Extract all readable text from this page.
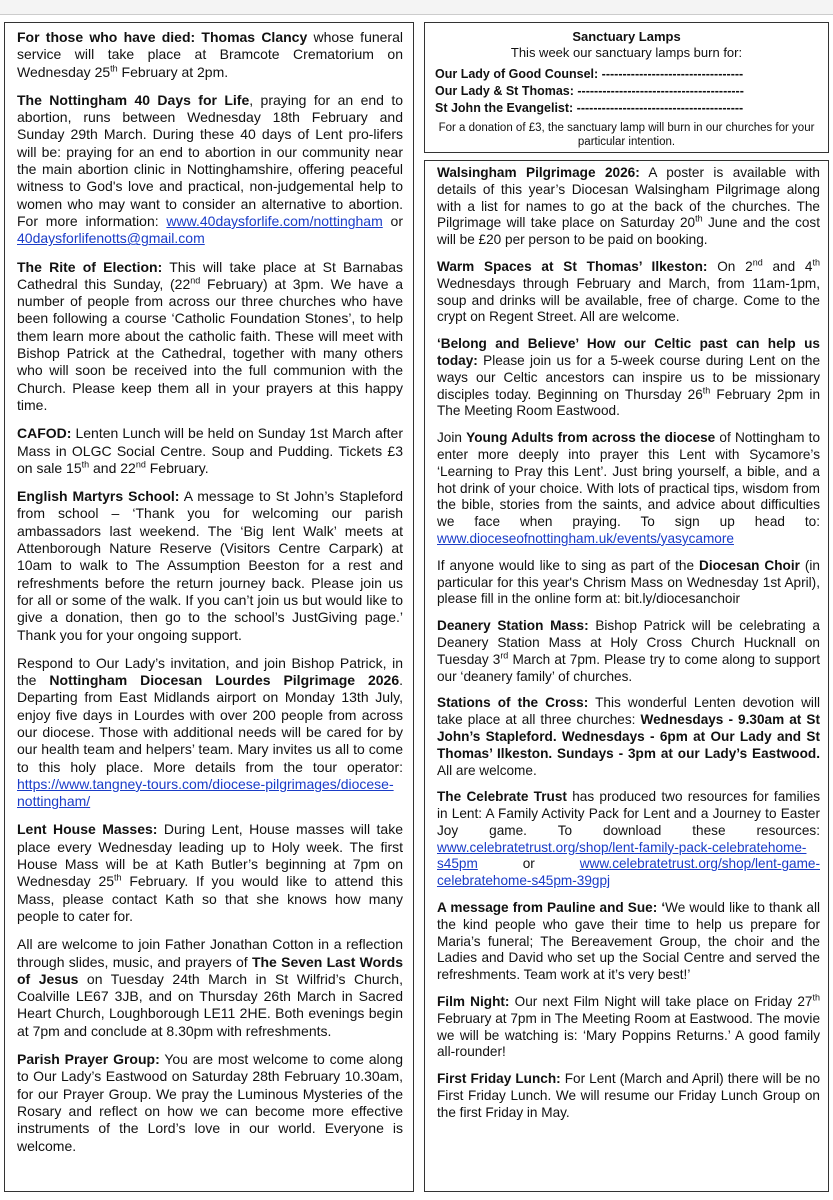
For those who have died: Thomas Clancy whose funeral service will take place at Bramcote Crematorium on Wednesday 25th February at 2pm.

The Nottingham 40 Days for Life, praying for an end to abortion, runs between Wednesday 18th February and Sunday 29th March. During these 40 days of Lent pro-lifers will be: praying for an end to abortion in our community near the main abortion clinic in Nottinghamshire, offering peaceful witness to God's love and practical, non-judgemental help to women who may want to consider an alternative to abortion. For more information: www.40daysforlife.com/nottingham or 40daysforlifenotts@gmail.com

The Rite of Election: This will take place at St Barnabas Cathedral this Sunday, (22nd February) at 3pm. We have a number of people from across our three churches who have been following a course ‘Catholic Foundation Stones’, to help them learn more about the catholic faith. These will meet with Bishop Patrick at the Cathedral, together with many others who will soon be received into the full communion with the Church. Please keep them all in your prayers at this happy time.

CAFOD: Lenten Lunch will be held on Sunday 1st March after Mass in OLGC Social Centre. Soup and Pudding. Tickets £3 on sale 15th and 22nd February.

English Martyrs School: A message to St John’s Stapleford from school – ‘Thank you for welcoming our parish ambassadors last weekend. The ‘Big lent Walk’ meets at Attenborough Nature Reserve (Visitors Centre Carpark) at 10am to walk to The Assumption Beeston for a rest and refreshments before the return journey back. Please join us for all or some of the walk. If you can’t join us but would like to give a donation, then go to the school’s JustGiving page.’ Thank you for your ongoing support.

Respond to Our Lady’s invitation, and join Bishop Patrick, in the Nottingham Diocesan Lourdes Pilgrimage 2026. Departing from East Midlands airport on Monday 13th July, enjoy five days in Lourdes with over 200 people from across our diocese. Those with additional needs will be cared for by our health team and helpers’ team. Mary invites us all to come to this holy place. More details from the tour operator: https://www.tangney-tours.com/diocese-pilgrimages/diocese-nottingham/

Lent House Masses: During Lent, House masses will take place every Wednesday leading up to Holy week. The first House Mass will be at Kath Butler’s beginning at 7pm on Wednesday 25th February. If you would like to attend this Mass, please contact Kath so that she knows how many people to cater for.

All are welcome to join Father Jonathan Cotton in a reflection through slides, music, and prayers of The Seven Last Words of Jesus on Tuesday 24th March in St Wilfrid’s Church, Coalville LE67 3JB, and on Thursday 26th March in Sacred Heart Church, Loughborough LE11 2HE. Both evenings begin at 7pm and conclude at 8.30pm with refreshments.

Parish Prayer Group: You are most welcome to come along to Our Lady’s Eastwood on Saturday 28th February 10.30am, for our Prayer Group. We pray the Luminous Mysteries of the Rosary and reflect on how we can become more effective instruments of the Lord’s love in our world. Everyone is welcome.

Sanctuary Lamps
This week our sanctuary lamps burn for:
Our Lady of Good Counsel: ----------------------------------
Our Lady & St Thomas: ----------------------------------------
St John the Evangelist: ----------------------------------------
For a donation of £3, the sanctuary lamp will burn in our churches for your particular intention.

Walsingham Pilgrimage 2026: A poster is available with details of this year’s Diocesan Walsingham Pilgrimage along with a list for names to go at the back of the churches. The Pilgrimage will take place on Saturday 20th June and the cost will be £20 per person to be paid on booking.

Warm Spaces at St Thomas’ Ilkeston: On 2nd and 4th Wednesdays through February and March, from 11am-1pm, soup and drinks will be available, free of charge. Come to the crypt on Regent Street. All are welcome.

‘Belong and Believe’ How our Celtic past can help us today: Please join us for a 5-week course during Lent on the ways our Celtic ancestors can inspire us to be missionary disciples today. Beginning on Thursday 26th February 2pm in The Meeting Room Eastwood.

Join Young Adults from across the diocese of Nottingham to enter more deeply into prayer this Lent with Sycamore’s ‘Learning to Pray this Lent’. Just bring yourself, a bible, and a hot drink of your choice. With lots of practical tips, wisdom from the bible, stories from the saints, and advice about difficulties we face when praying. To sign up head to: www.dioceseofnottingham.uk/events/yasycamore

If anyone would like to sing as part of the Diocesan Choir (in particular for this year's Chrism Mass on Wednesday 1st April), please fill in the online form at: bit.ly/diocesanchoir

Deanery Station Mass: Bishop Patrick will be celebrating a Deanery Station Mass at Holy Cross Church Hucknall on Tuesday 3rd March at 7pm. Please try to come along to support our ‘deanery family’ of churches.

Stations of the Cross: This wonderful Lenten devotion will take place at all three churches: Wednesdays - 9.30am at St John’s Stapleford. Wednesdays - 6pm at Our Lady and St Thomas’ Ilkeston. Sundays - 3pm at our Lady’s Eastwood. All are welcome.

The Celebrate Trust has produced two resources for families in Lent: A Family Activity Pack for Lent and a Journey to Easter Joy game. To download these resources: www.celebratetrust.org/shop/lent-family-pack-celebratehome-s45pm or www.celebratetrust.org/shop/lent-game-celebratehome-s45pm-39gpj

A message from Pauline and Sue: ‘We would like to thank all the kind people who gave their time to help us prepare for Maria’s funeral; The Bereavement Group, the choir and the Ladies and David who set up the Social Centre and served the refreshments. Team work at it’s very best!’

Film Night: Our next Film Night will take place on Friday 27th February at 7pm in The Meeting Room at Eastwood. The movie we will be watching is: ‘Mary Poppins Returns.’ A good family all-rounder!

First Friday Lunch: For Lent (March and April) there will be no First Friday Lunch. We will resume our Friday Lunch Group on the first Friday in May.
